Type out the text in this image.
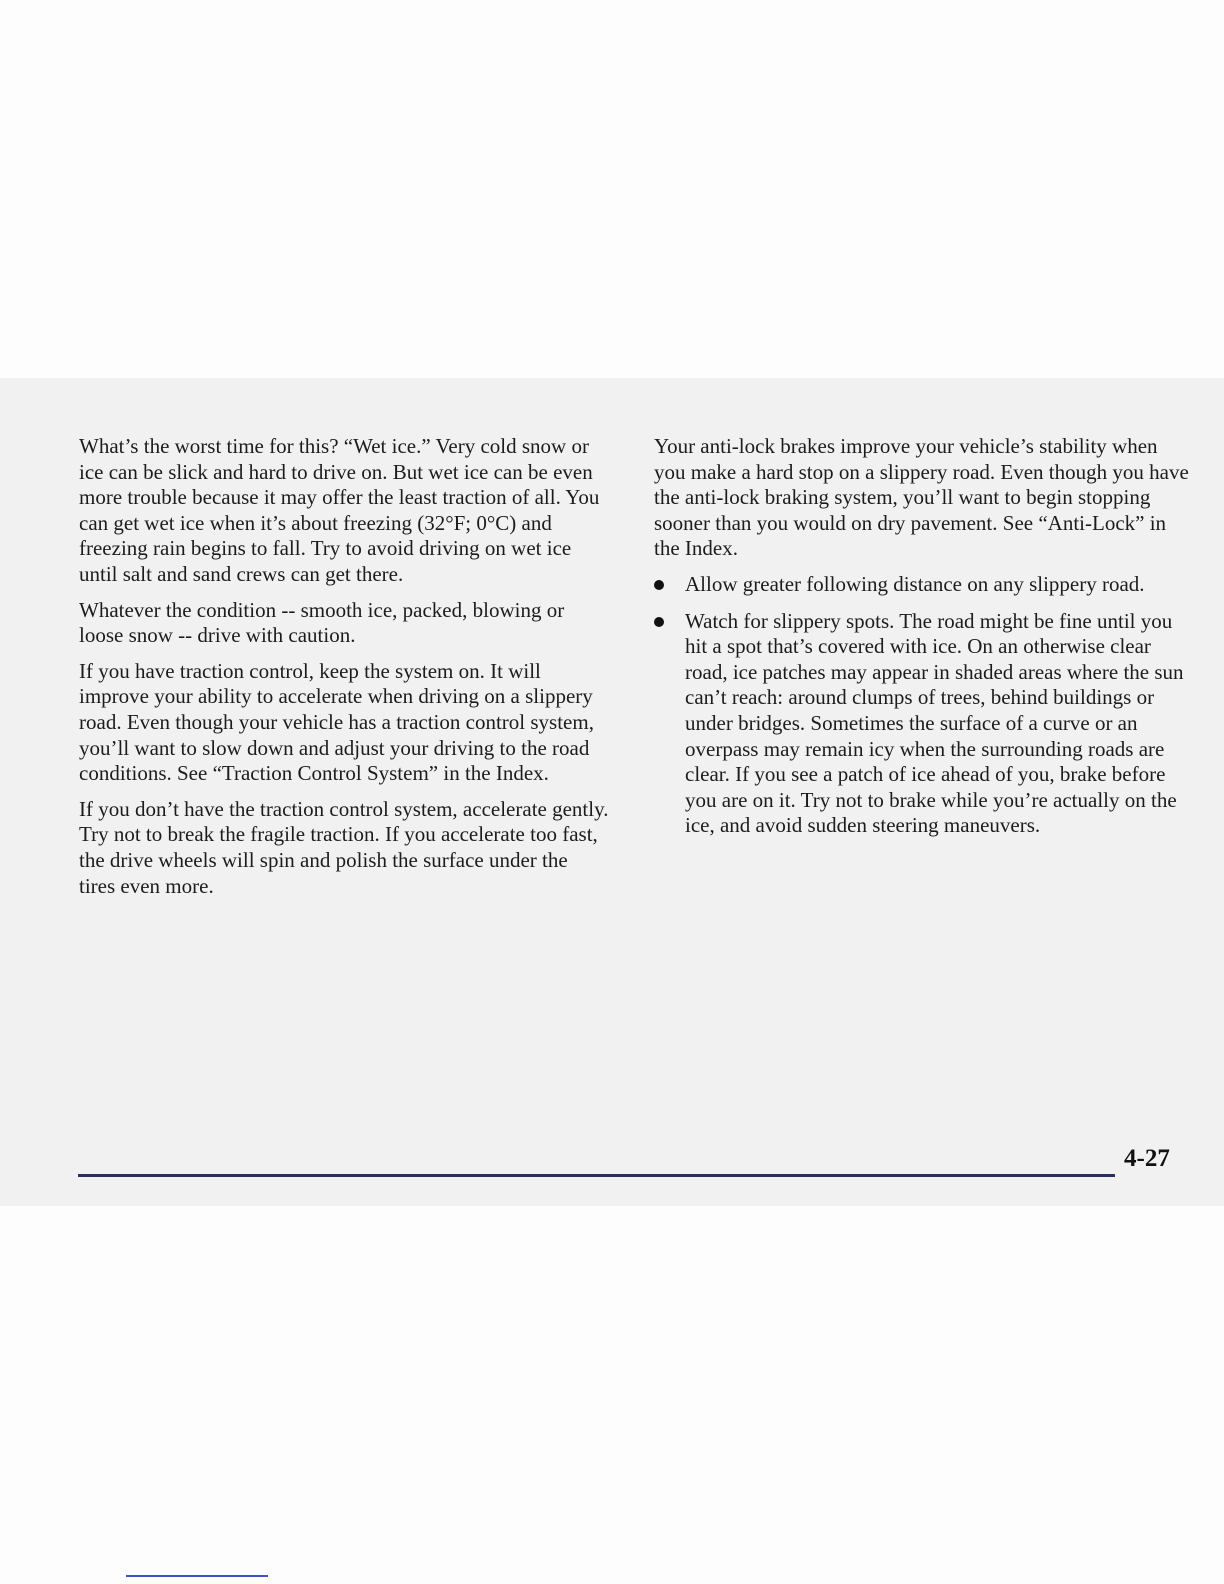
What’s the worst time for this? “Wet ice.” Very cold snow or ice can be slick and hard to drive on. But wet ice can be even more trouble because it may offer the least traction of all. You can get wet ice when it’s about freezing (32°F; 0°C) and freezing rain begins to fall. Try to avoid driving on wet ice until salt and sand crews can get there.

Whatever the condition -- smooth ice, packed, blowing or loose snow -- drive with caution.

If you have traction control, keep the system on. It will improve your ability to accelerate when driving on a slippery road. Even though your vehicle has a traction control system, you’ll want to slow down and adjust your driving to the road conditions. See “Traction Control System” in the Index.

If you don’t have the traction control system, accelerate gently. Try not to break the fragile traction. If you accelerate too fast, the drive wheels will spin and polish the surface under the tires even more.

Your anti-lock brakes improve your vehicle’s stability when you make a hard stop on a slippery road. Even though you have the anti-lock braking system, you’ll want to begin stopping sooner than you would on dry pavement. See “Anti-Lock” in the Index.

Allow greater following distance on any slippery road.
Watch for slippery spots. The road might be fine until you hit a spot that’s covered with ice. On an otherwise clear road, ice patches may appear in shaded areas where the sun can’t reach: around clumps of trees, behind buildings or under bridges. Sometimes the surface of a curve or an overpass may remain icy when the surrounding roads are clear. If you see a patch of ice ahead of you, brake before you are on it. Try not to brake while you’re actually on the ice, and avoid sudden steering maneuvers.
4-27
